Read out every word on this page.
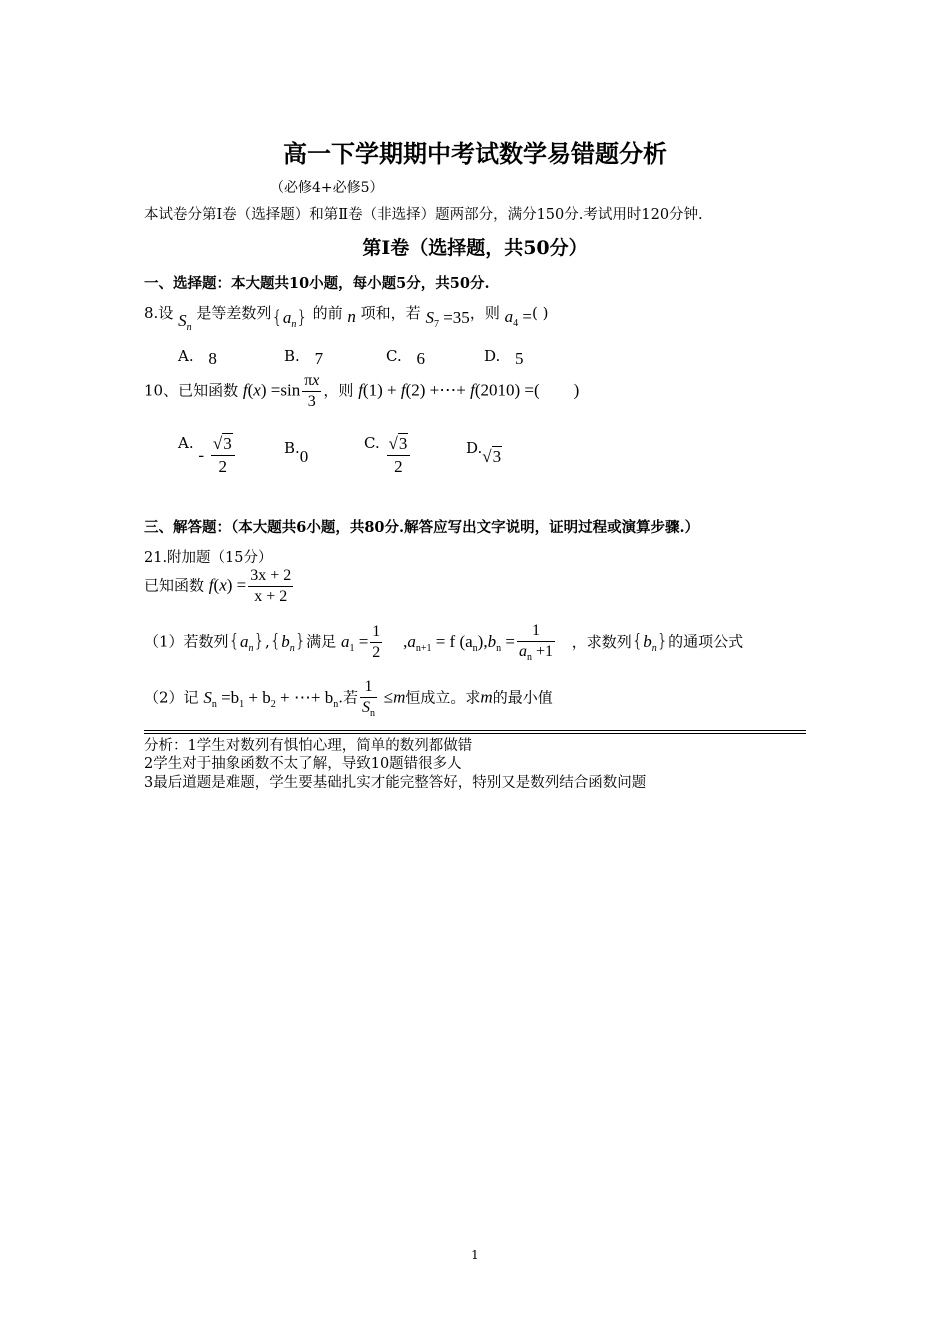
高一下学期期中考试数学易错题分析
（必修4+必修5）
本试卷分第Ⅰ卷（选择题）和第Ⅱ卷（非选择）题两部分，满分150分.考试用时120分钟.
第Ⅰ卷（选择题，共50分）
一、选择题：本大题共10小题，每小题5分，共50分.
8.设 $S_n$ 是等差数列$\{a_n\}$ 的前 n 项和，若 $S_7 =35$，则 $a_4$ =( )
A. 8	B. 7	C. 6	D. 5
10、已知函数 $f(x) =\sin \frac{\pi x}{3}$ ，则 f(1) + f(2) +⋯+ f(2010) =(　　)
A. - $\frac{√3}{2}$	B.0
C. $\frac{√3}{2}$	D.√3
三、解答题：（本大题共6小题，共80分.解答应写出文字说明，证明过程或演算步骤.）
21.附加题（15分）
已知函数 $f(x) = \frac{3x + 2}{x + 2}$
（1）若数列$\{a_n\},\{b_n\}$满足 $a_1 = \frac{1}{2} ,a_{n+1} = f$ $(a_n),b_n = \frac{1}{a_n +1}$ ，求数列$\{b_n\}$的通项公式
（2）记 $S_n =b_1 + b_2$ + ⋯+ $b_n$.若 $\frac{1}{S_n} \le m$恒成立。求m的最小值
分析：1学生对数列有惧怕心理，简单的数列都做错
2学生对于抽象函数不太了解，导致10题错很多人
3最后道题是难题，学生要基础扎实才能完整答好，特别又是数列结合函数问题
1
